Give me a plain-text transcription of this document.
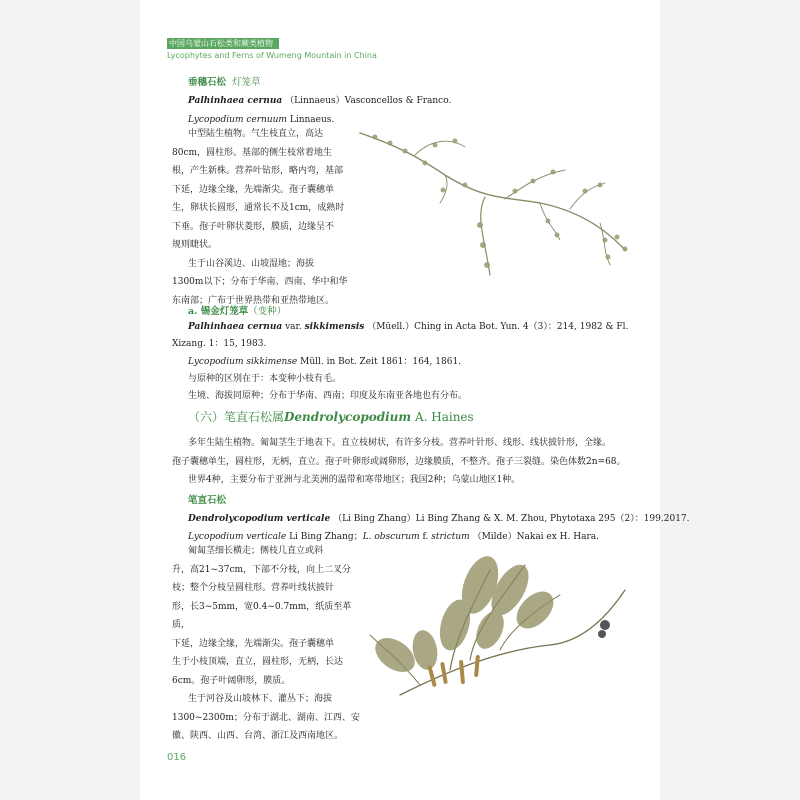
中国乌蒙山石松类和蕨类植物
Lycophytes and Ferns of Wumeng Mountain in China
垂穗石松 灯笼草
Palhinhaea cernua （Linnaeus）Vasconcellos & Franco.
Lycopodium cernuum Linnaeus.

中型陆生植物。气生枝直立，高达

80cm，圆柱形。基部的侧生枝常着地生

根，产生新株。营养叶钻形，略内弯，基部

下延，边缘全缘，先端渐尖。孢子囊穗单

生，卵状长圆形，通常长不及1cm，成熟时

下垂。孢子叶卵状菱形，膜质，边缘呈不

规则睫状。

生于山谷溪边、山坡湿地；海拔

1300m以下；分布于华南、西南、华中和华

东南部；广布于世界热带和亚热带地区。

a. 锡金灯笼草（变种）
Palhinhaea cernua var. sikkimensis （Müell.）Ching in Acta Bot. Yun. 4（3）：214, 1982 & Fl.
Xizang. 1：15, 1983.
Lycopodium sikkimense Müll. in Bot. Zeit 1861：164, 1861.
与原种的区别在于：本变种小枝有毛。
生境、海拔同原种；分布于华南、西南；印度及东南亚各地也有分布。
（六）笔直石松属Dendrolycopodium A. Haines

多年生陆生植物。匍匐茎生于地表下。直立枝树状，有许多分枝。营养叶针形、线形、线状披针形，全缘。

孢子囊穗单生，圆柱形，无柄，直立。孢子叶卵形或阔卵形，边缘膜质，不整齐。孢子三裂缝。染色体数2n=68。

世界4种，主要分布于亚洲与北美洲的温带和寒带地区；我国2种；乌蒙山地区1种。

笔直石松
Dendrolycopodium verticale （Li Bing Zhang）Li Bing Zhang & X. M. Zhou, Phytotaxa 295（2）：199.2017.
Lycopodium verticale Li Bing Zhang；L. obscurum f. strictum （Milde）Nakai ex H. Hara.

匍匐茎细长横走；侧枝几直立或斜

升，高21~37cm，下部不分枝，向上二叉分

枝；整个分枝呈圆柱形。营养叶线状披针

形，长3~5mm，宽0.4~0.7mm，纸质至革质，

下延，边缘全缘，先端渐尖。孢子囊穗单

生于小枝顶端，直立，圆柱形，无柄，长达

6cm。孢子叶阔卵形，膜质。

生于河谷及山坡林下、灌丛下；海拔

1300~2300m；分布于湖北、湖南、江西、安

徽、陕西、山西、台湾、浙江及西南地区。

016
